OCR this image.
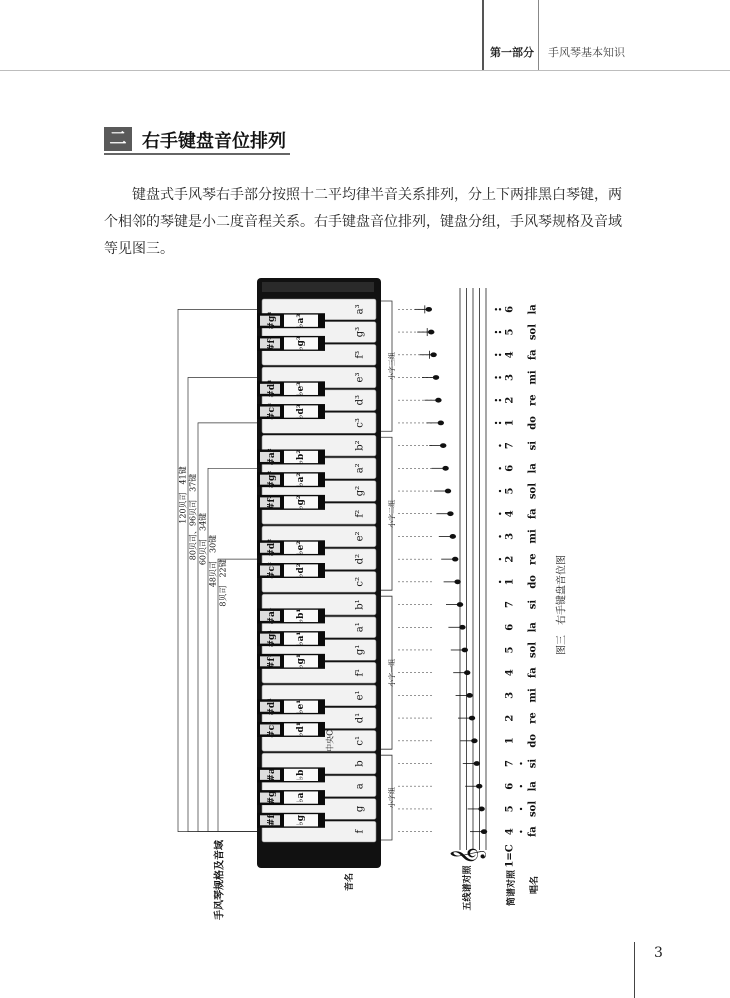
第一部分 手风琴基本知识
二 右手键盘音位排列
键盘式手风琴右手部分按照十二平均律半音关系排列，分上下两排黑白琴键，两个相邻的琴键是小二度音程关系。右手键盘音位排列，键盘分组，手风琴规格及音域等见图三。
f
g
a
b
c¹
d¹
e¹
f¹
g¹
a¹
b¹
c²
d²
e²
f²
g²
a²
b²
c³
d³
e³
f³
g³
a³
#f ♭g
#g ♭a
#a ♭b
#c¹ ♭d¹
#d¹ ♭e¹
#f¹ ♭g¹
#g¹ ♭a¹
#a¹ ♭b¹
#c² ♭d²
#d² ♭e²
#f² ♭g²
#g² ♭a²
#a² ♭b²
#c³ ♭d³
#d³ ♭e³
#f³ ♭g³
#g³ ♭a³
中央C
小字组
小字一组
小字二组
小字三组
𝄞 1=C
4
5
6
7
1
2
3
4
5
6
7
1
2
3
4
5
6
7
1
2
3
4
5
6
fa
sol
la
si
do
re
mi
fa
sol
la
si
do
re
mi
fa
sol
la
si
do
re
mi
fa
sol
la
120贝司　41键 80贝司、96贝司　37键 60贝司　34键 48贝司　30键 8贝司　22键
手风琴规格及音域	音名	五线谱对照	简谱对照 唱名
图三　右手键盘音位图
3
